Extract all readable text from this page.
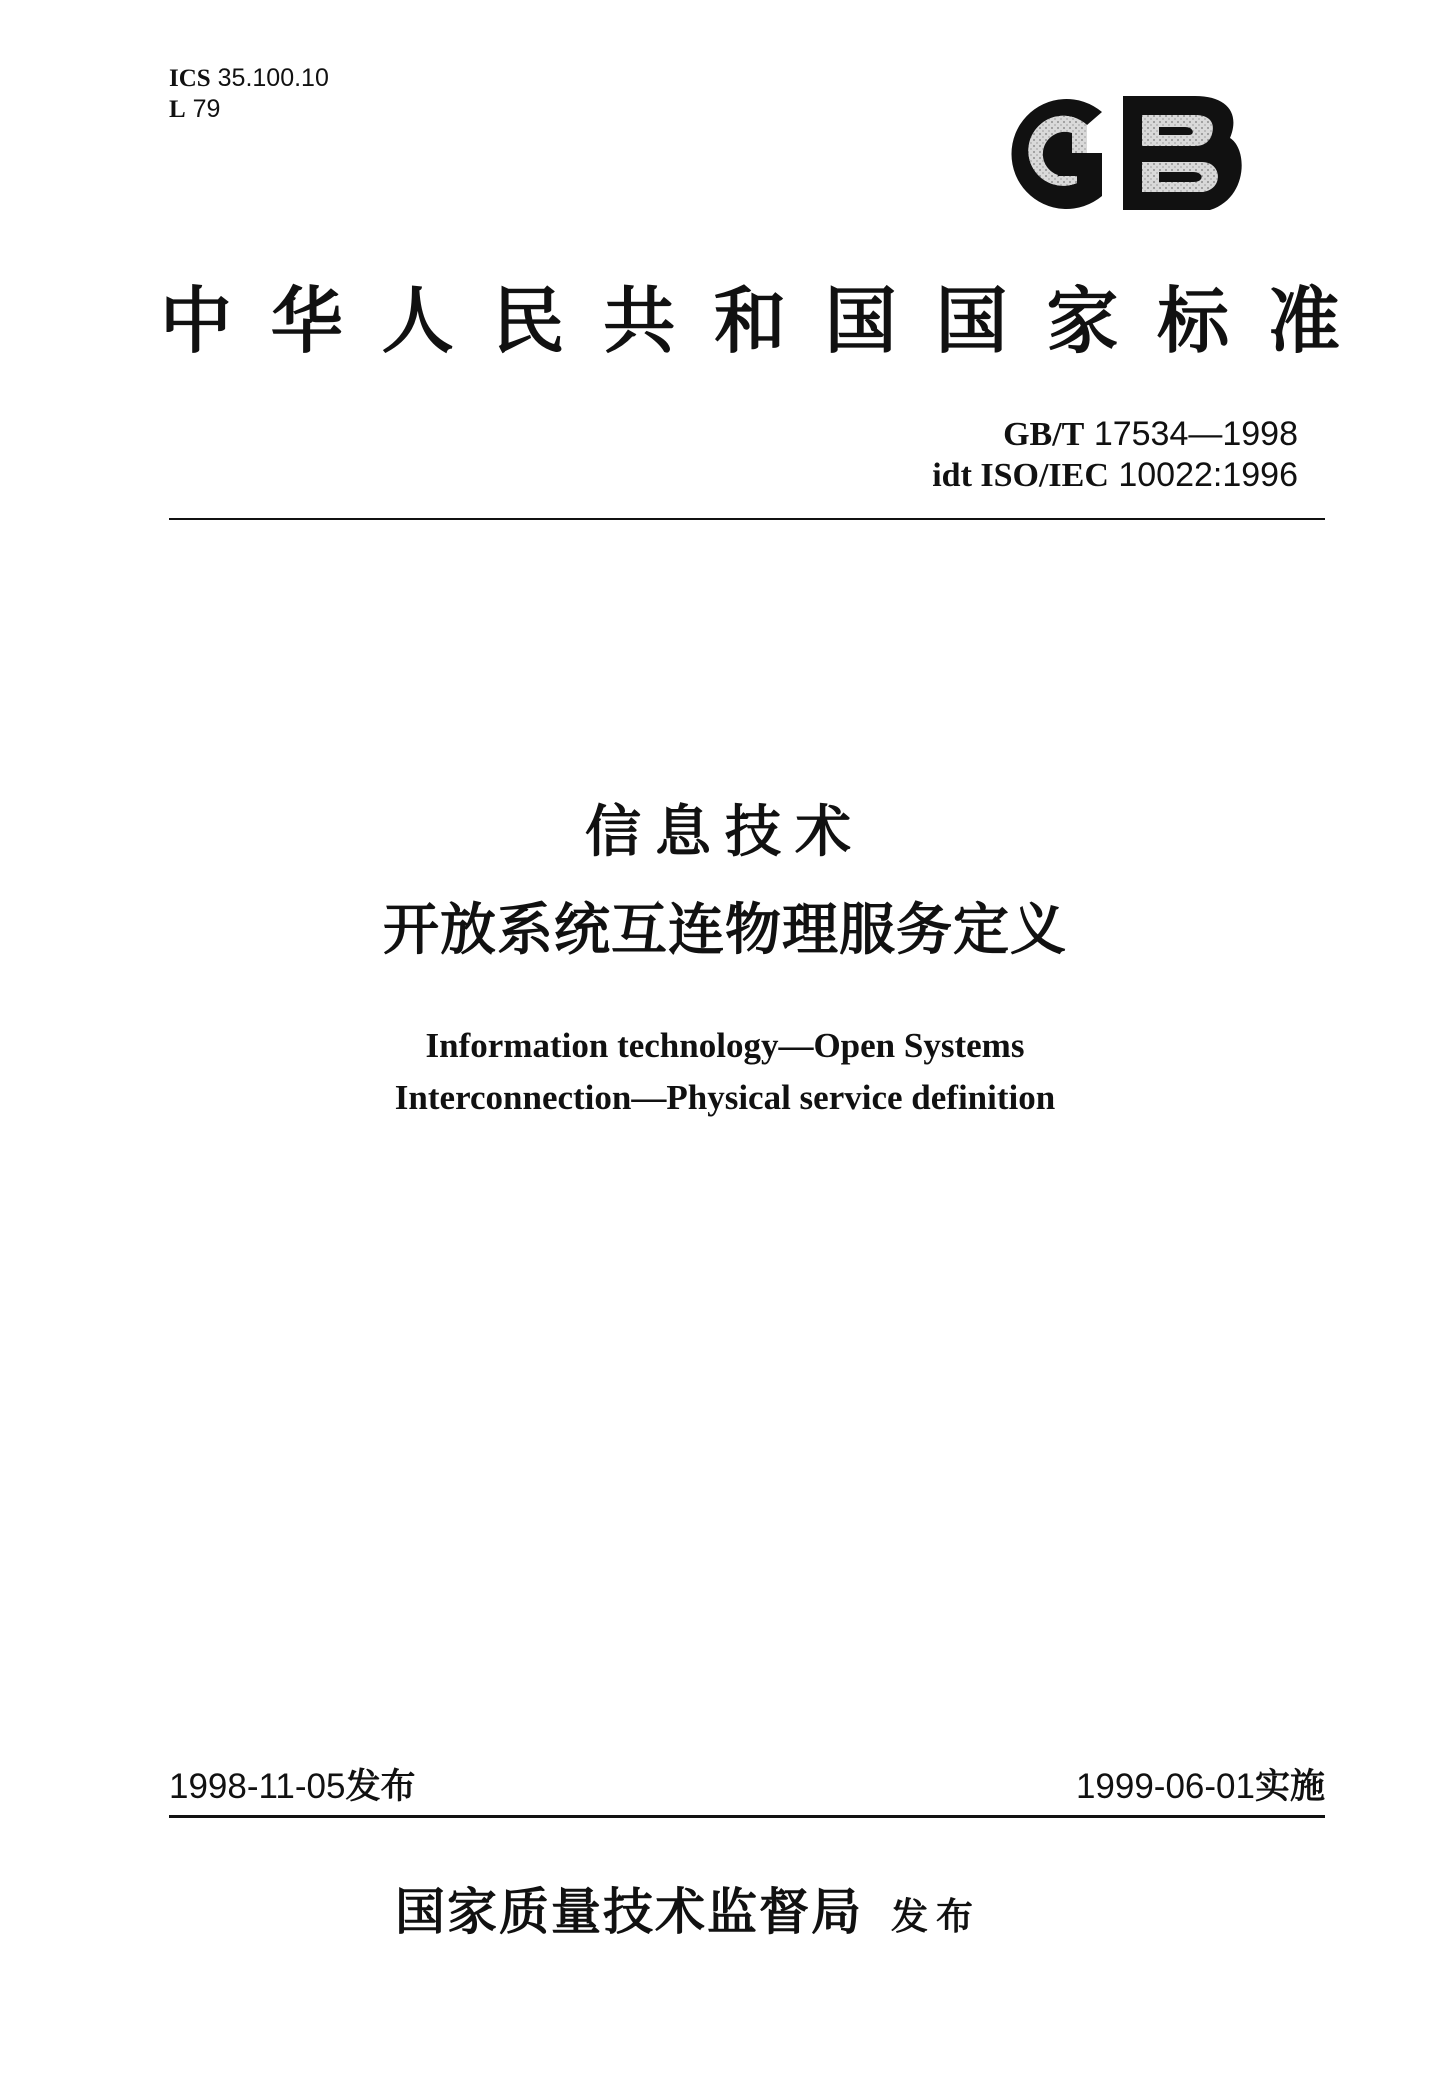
ICS 35.100.10
L 79
中 华 人 民 共 和 国 国 家 标 准
GB/T 17534—1998
idt ISO/IEC 10022:1996
信息技术
开放系统互连物理服务定义
Information technology—Open Systems
Interconnection—Physical service definition
1998-11-05发布	1999-06-01实施
国家质量技术监督局 发布
